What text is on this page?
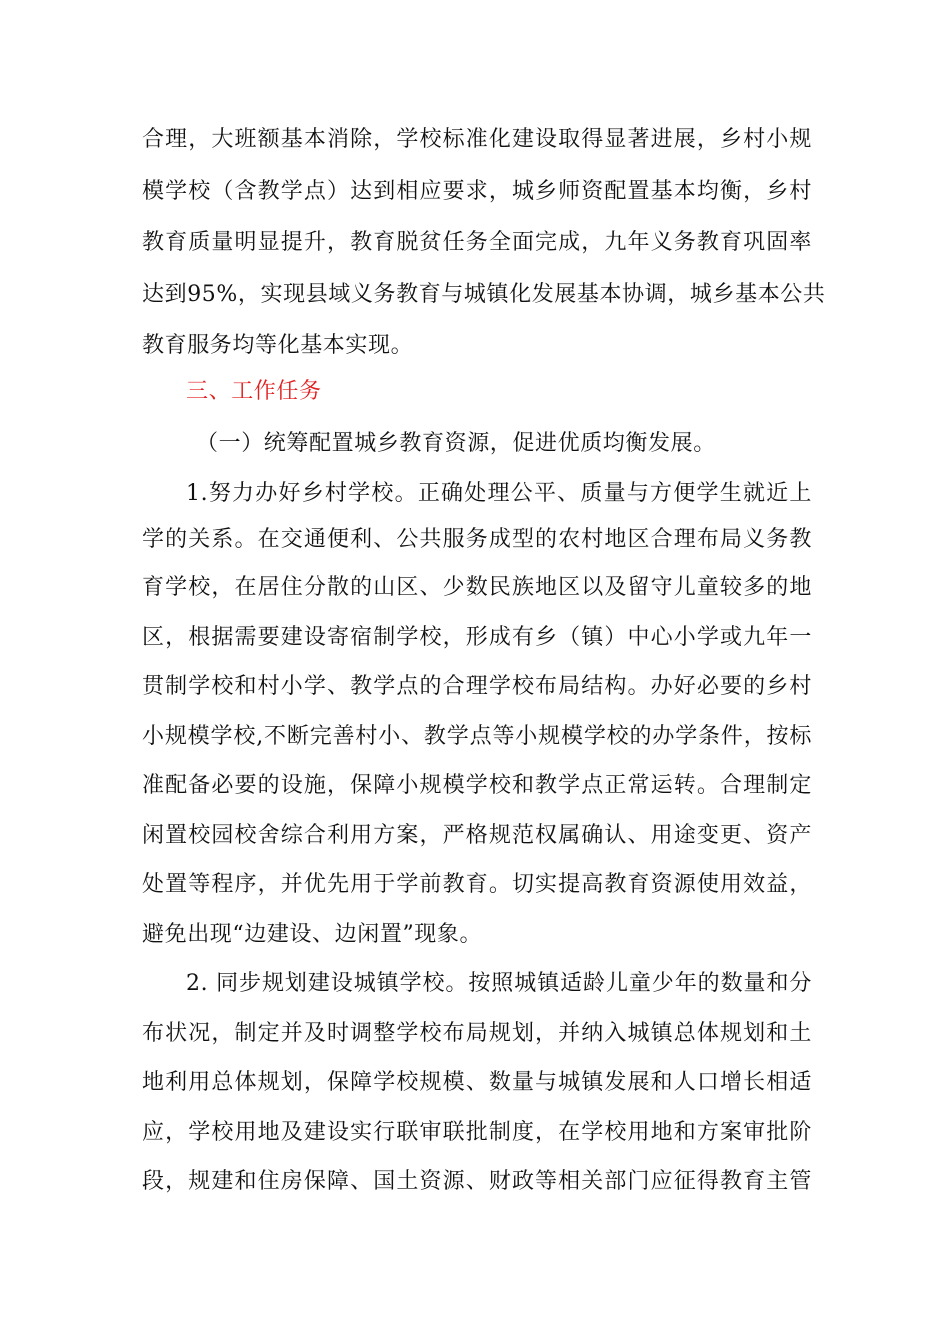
合理，大班额基本消除，学校标准化建设取得显著进展，乡村小规
模学校（含教学点）达到相应要求，城乡师资配置基本均衡，乡村
教育质量明显提升，教育脱贫任务全面完成，九年义务教育巩固率
达到95%，实现县域义务教育与城镇化发展基本协调，城乡基本公共
教育服务均等化基本实现。
三、工作任务
（一）统筹配置城乡教育资源，促进优质均衡发展。
1.努力办好乡村学校。正确处理公平、质量与方便学生就近上
学的关系。在交通便利、公共服务成型的农村地区合理布局义务教
育学校，在居住分散的山区、少数民族地区以及留守儿童较多的地
区，根据需要建设寄宿制学校，形成有乡（镇）中心小学或九年一
贯制学校和村小学、教学点的合理学校布局结构。办好必要的乡村
小规模学校,不断完善村小、教学点等小规模学校的办学条件，按标
准配备必要的设施，保障小规模学校和教学点正常运转。合理制定
闲置校园校舍综合利用方案，严格规范权属确认、用途变更、资产
处置等程序，并优先用于学前教育。切实提高教育资源使用效益，
避免出现“边建设、边闲置”现象。
2. 同步规划建设城镇学校。按照城镇适龄儿童少年的数量和分
布状况，制定并及时调整学校布局规划，并纳入城镇总体规划和土
地利用总体规划，保障学校规模、数量与城镇发展和人口增长相适
应，学校用地及建设实行联审联批制度，在学校用地和方案审批阶
段，规建和住房保障、国土资源、财政等相关部门应征得教育主管
